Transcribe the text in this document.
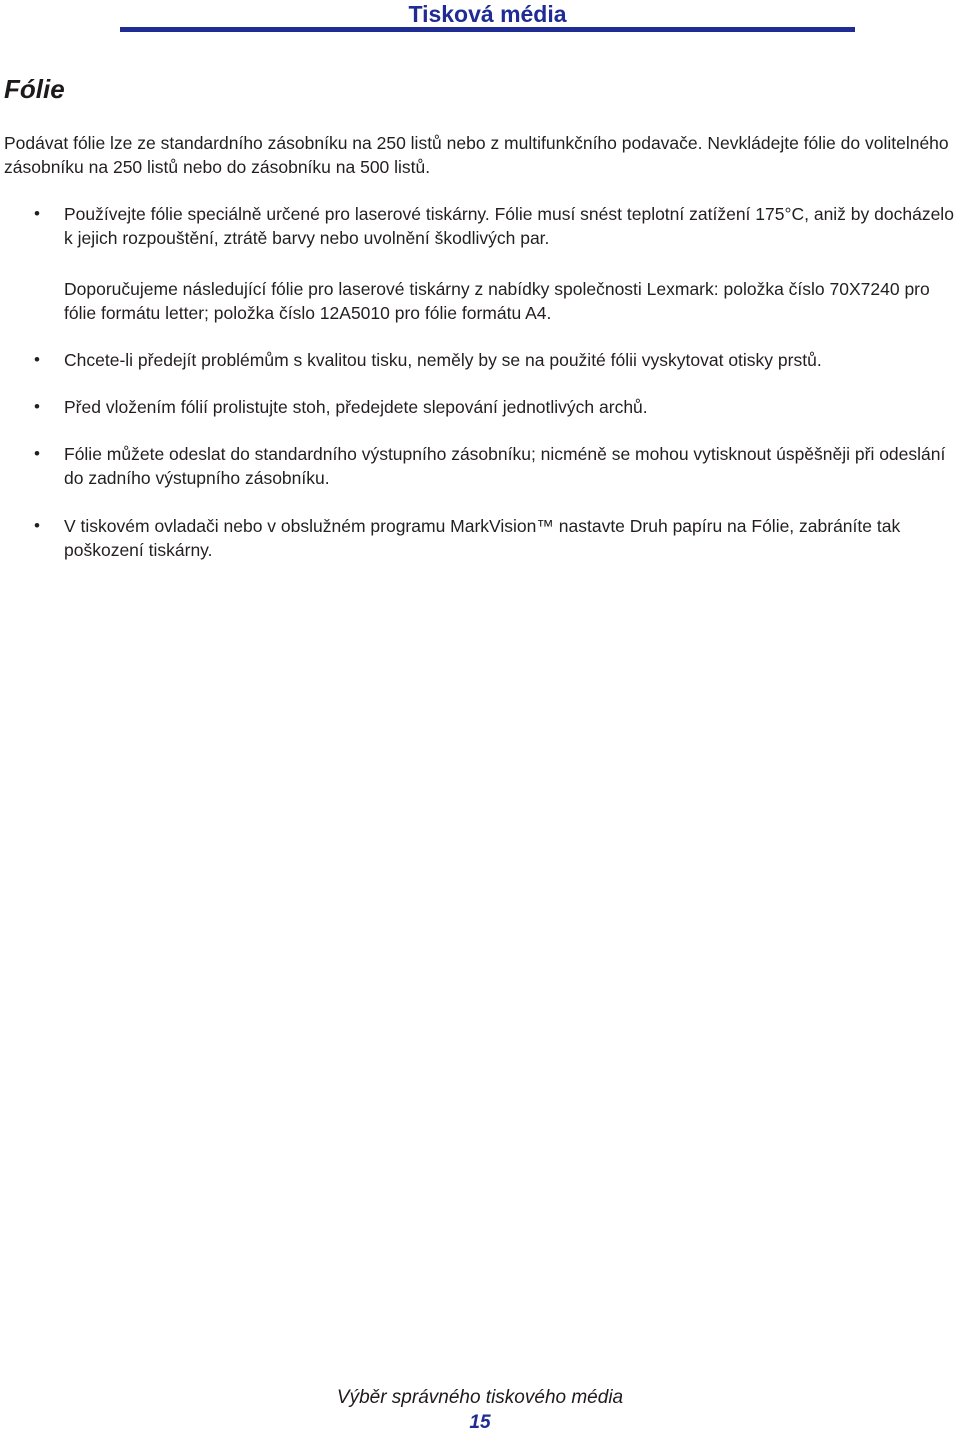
Tisková média
Fólie

Podávat fólie lze ze standardního zásobníku na 250 listů nebo z multifunkčního podavače. Nevkládejte fólie do volitelného zásobníku na 250 listů nebo do zásobníku na 500 listů.

• Používejte fólie speciálně určené pro laserové tiskárny. Fólie musí snést teplotní zatížení 175°C, aniž by docházelo k jejich rozpouštění, ztrátě barvy nebo uvolnění škodlivých par.

Doporučujeme následující fólie pro laserové tiskárny z nabídky společnosti Lexmark: položka číslo 70X7240 pro fólie formátu letter; položka číslo 12A5010 pro fólie formátu A4.

• Chcete-li předejít problémům s kvalitou tisku, neměly by se na použité fólii vyskytovat otisky prstů.

• Před vložením fólií prolistujte stoh, předejdete slepování jednotlivých archů.

• Fólie můžete odeslat do standardního výstupního zásobníku; nicméně se mohou vytisknout úspěšněji při odeslání do zadního výstupního zásobníku.

• V tiskovém ovladači nebo v obslužném programu MarkVision™ nastavte Druh papíru na Fólie, zabráníte tak poškození tiskárny.

Výběr správného tiskového média
15
